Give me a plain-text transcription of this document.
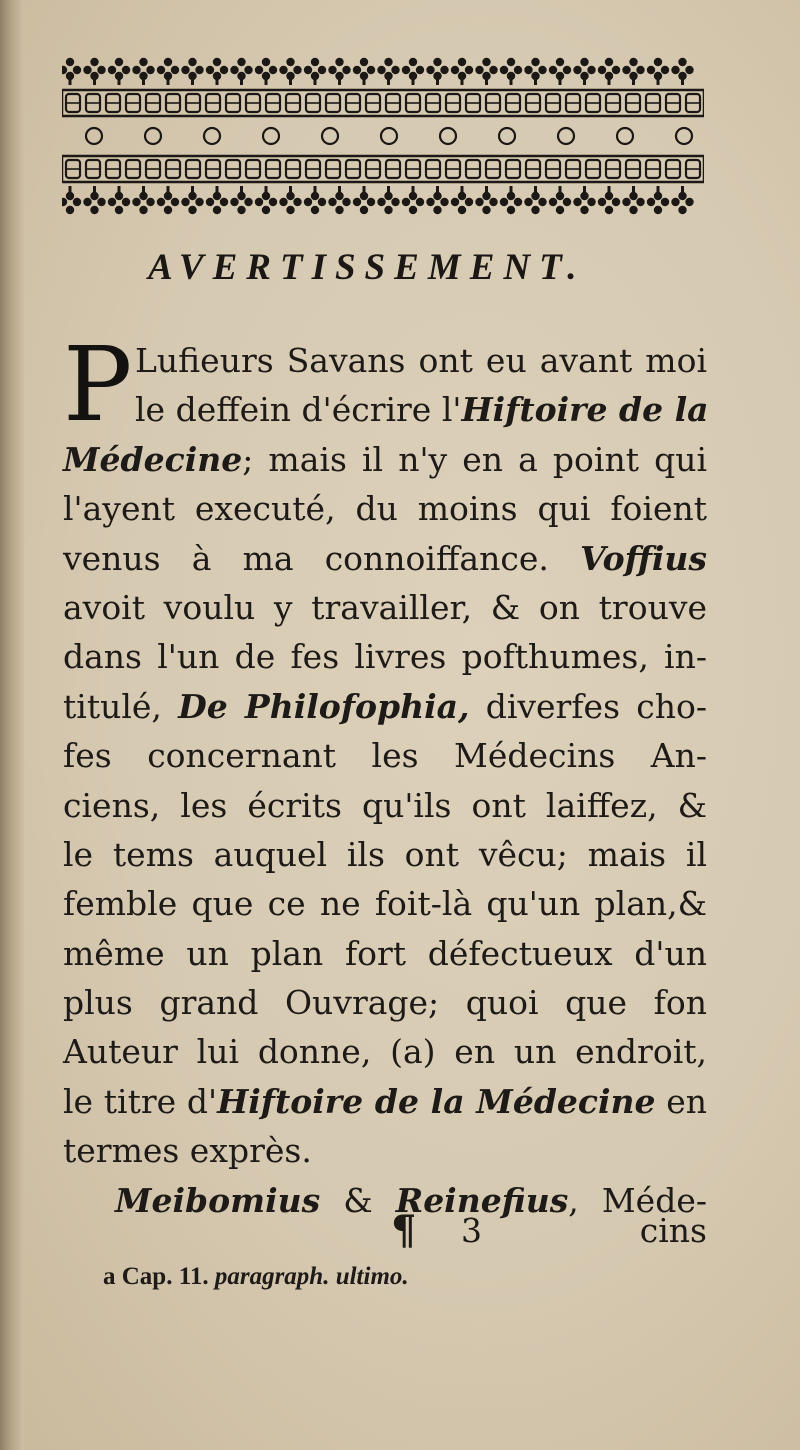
AVERTISSEMENT.
P Lufieurs Savans ont eu avant moi
le deffein d'écrire l'Hiftoire de la
Médecine; mais il n'y en a point qui
l'ayent executé, du moins qui foient
venus à ma connoiffance. Voffius
avoit voulu y travailler, & on trouve
dans l'un de fes livres pofthumes, in-
titulé, De Philofophia, diverfes cho-
fes concernant les Médecins An-
ciens, les écrits qu'ils ont laiffez, &
le tems auquel ils ont vêcu; mais il
femble que ce ne foit-là qu'un plan,&
même un plan fort défectueux d'un
plus grand Ouvrage; quoi que fon
Auteur lui donne, (a) en un endroit,
le titre d'Hiftoire de la Médecine en
termes exprès.
Meibomius & Reinefius, Méde-
¶ 3	cins
a Cap. 11. paragraph. ultimo.
